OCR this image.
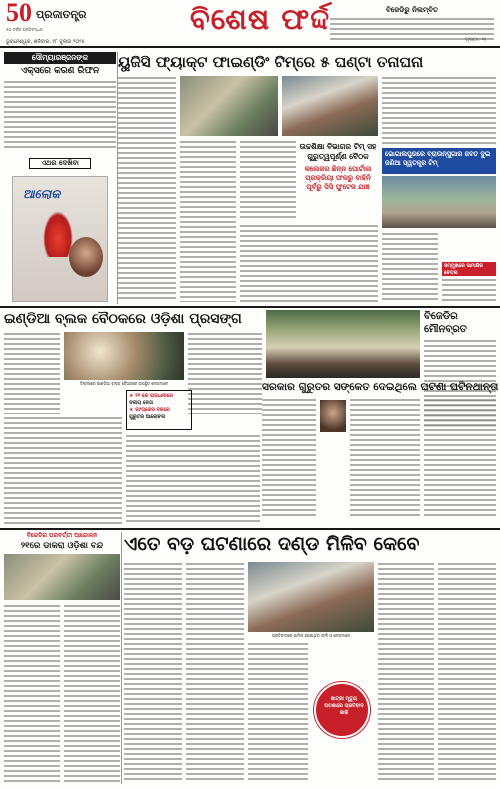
50
୫୦ ବର୍ଷର ପ୍ରତିବଦ୍ଧତା
ପ୍ରଜାତନ୍ତ୍ର	ବିଶେଷ ଫର୍ଦ୍ଦ
ଭୁବନେଶ୍ୱର, ଶନିବାର, ୧୮ ଜୁଲାଇ ୨୦୨୫
ବିଜେଡିରୁ ନିଲମ୍ବିତ
ସୌମ୍ୟାରଞ୍ଜନଙ୍କ
ଏକ୍ସରେ କରଣ ରିଫନ
ଏଥର ଦେଖିବା
ଆଲୋକ
ୟୁଜିସି ଫ୍ୟାକ୍ଟ ଫାଇଣ୍ଡିଂ ଟିମ୍‌ରେ ୫ ଘଣ୍ଟା ତନାଘନା
ଉଚ୍ଚଶିକ୍ଷା ବିଭାଗର ଟିମ୍ ସହ ଗୁରୁତ୍ୱପୂର୍ଣ୍ଣ ବୈଠକ
କଲେଜର ଛିନ୍ନ ପୋର୍ଟାଲ ପ୍ରକ୍ରିୟା ଫଳରୁ ବାହିନି ପୂର୍ବରୁ ସିସି ଫୁଟେଜ ଯାଞ୍ଚ
ଭୋଗାଲପୁରରେ ବ୍ରାଉନ୍‌ସୁଗାର ଜବତ ଦୁଇ ଜଣିଆ ସ୍ୱତନ୍ତ୍ର ଟିମ୍
ସମ୍ମୁଖରେ ସାମାଜିକ ଚେତନା
ଇଣ୍ଡିଆ ବ୍ଲକ ବୈଠକରେ ଓଡ଼ିଶା ପ୍ରସଙ୍ଗ
ଦିଲ୍ଲୀରେ ଇଣ୍ଡିଆ ବ୍ଲକ ବୈଠକରେ ଉପସ୍ଥିତ ନେତାମାନେ
★ ୨୧ ରେ ରାଜଧାନୀରେ
ଦଳୀୟ ନେତା
★ କାଂଗ୍ରେସ ଦଳରେ
ଗୁରୁତର ଆଲୋଚନା
ବିଜେଡିର ମୌନବ୍ରତ
ସରକାର ଗୁରୁତର ସଙ୍କେତ ଦେଇଥିଲେ ଘଟଣା ଘଟିନଥାନ୍ତା
ବିଜେଡିର ପରବର୍ତ୍ତୀ ଆନ୍ଦୋଳନ
୨୧ରେ ଡାକରା ଓଡ଼ିଶା ବନ୍ଦ	ଏତେ ବଡ଼ ଘଟଣାରେ ଦଣ୍ଡ ମିଳିବ କେବେ
ପ୍ରତିବାଦରେ ସାମିଲ ହୋଇଥିବା କର୍ମୀ ଓ ନେତାମାନେ
ଛାତ୍ରୀ ମୃତ୍ୟୁ ଘଟଣାରେ ପ୍ରତିବାଦ ଜାରି
